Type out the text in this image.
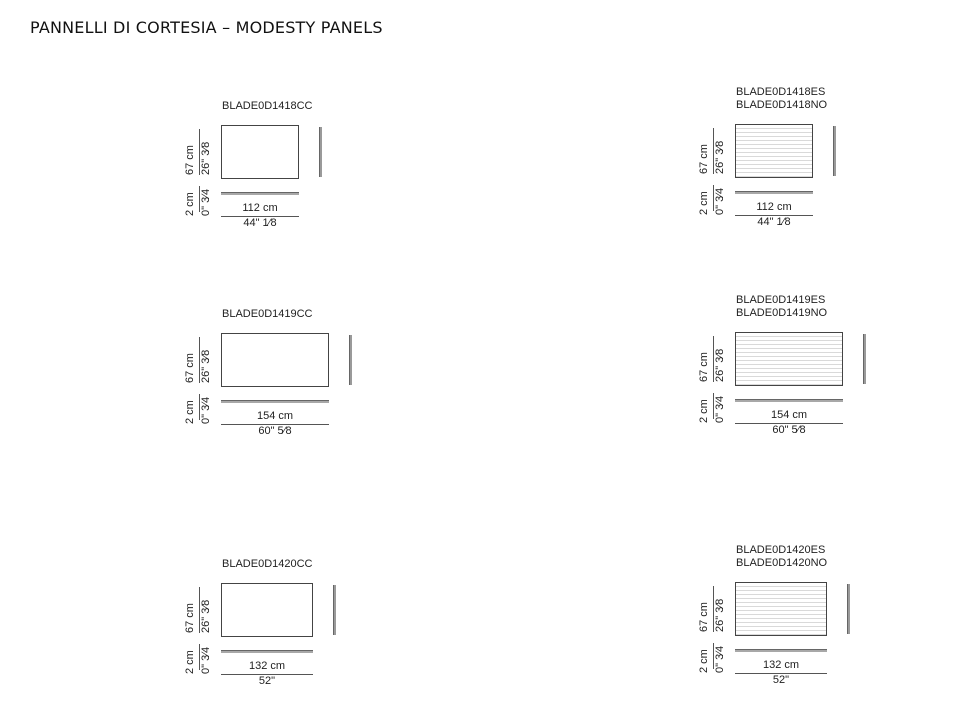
PANNELLI DI CORTESIA – MODESTY PANELS
BLADE0D1418CC
112 cm
44" 1⁄8
67 cm 26" 3⁄8
2 cm 0" 3⁄4
BLADE0D1418ES
BLADE0D1418NO
112 cm
44" 1⁄8
67 cm 26" 3⁄8
2 cm 0" 3⁄4
BLADE0D1419CC
154 cm
60" 5⁄8
67 cm 26" 3⁄8
2 cm 0" 3⁄4
BLADE0D1419ES
BLADE0D1419NO
154 cm
60" 5⁄8
67 cm 26" 3⁄8
2 cm 0" 3⁄4
BLADE0D1420CC
132 cm
52"
67 cm 26" 3⁄8
2 cm 0" 3⁄4
BLADE0D1420ES
BLADE0D1420NO
132 cm
52"
67 cm 26" 3⁄8
2 cm 0" 3⁄4
